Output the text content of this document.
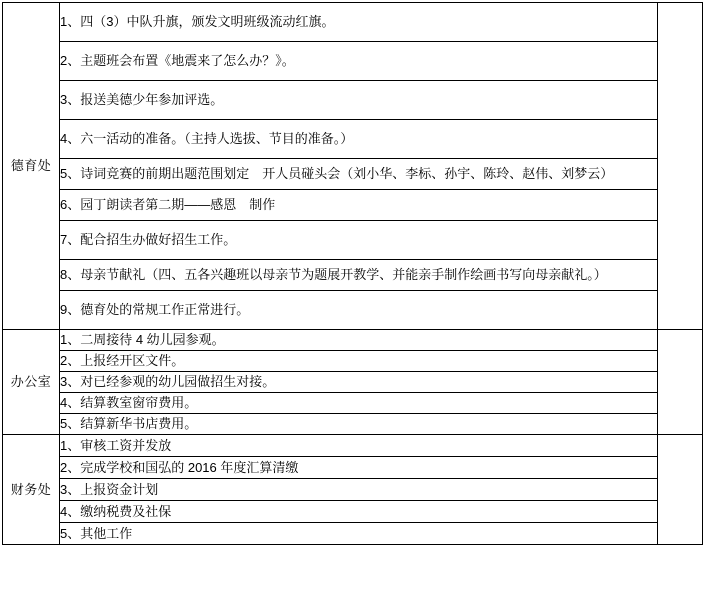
德育处	1、四（3）中队升旗，颁发文明班级流动红旗。	

	2、主题班会布置《地震来了怎么办？》。	

	3、报送美德少年参加评选。	

	4、六一活动的准备。（主持人选拔、节目的准备。）	

	5、诗词竞赛的前期出题范围划定　开人员碰头会（刘小华、李标、孙宇、陈玲、赵伟、刘梦云）	

	6、园丁朗读者第二期——感恩　制作	

	7、配合招生办做好招生工作。	

	8、母亲节献礼（四、五各兴趣班以母亲节为题展开教学、并能亲手制作绘画书写向母亲献礼。）	

	9、德育处的常规工作正常进行。	

办公室	1、二周接待 4 幼儿园参观。	

	2、上报经开区文件。	

	3、对已经参观的幼儿园做招生对接。	

	4、结算教室窗帘费用。	

	5、结算新华书店费用。	

财务处	1、审核工资并发放	

	2、完成学校和国弘的 2016 年度汇算清缴	

	3、上报资金计划	

	4、缴纳税费及社保	

	5、其他工作	
